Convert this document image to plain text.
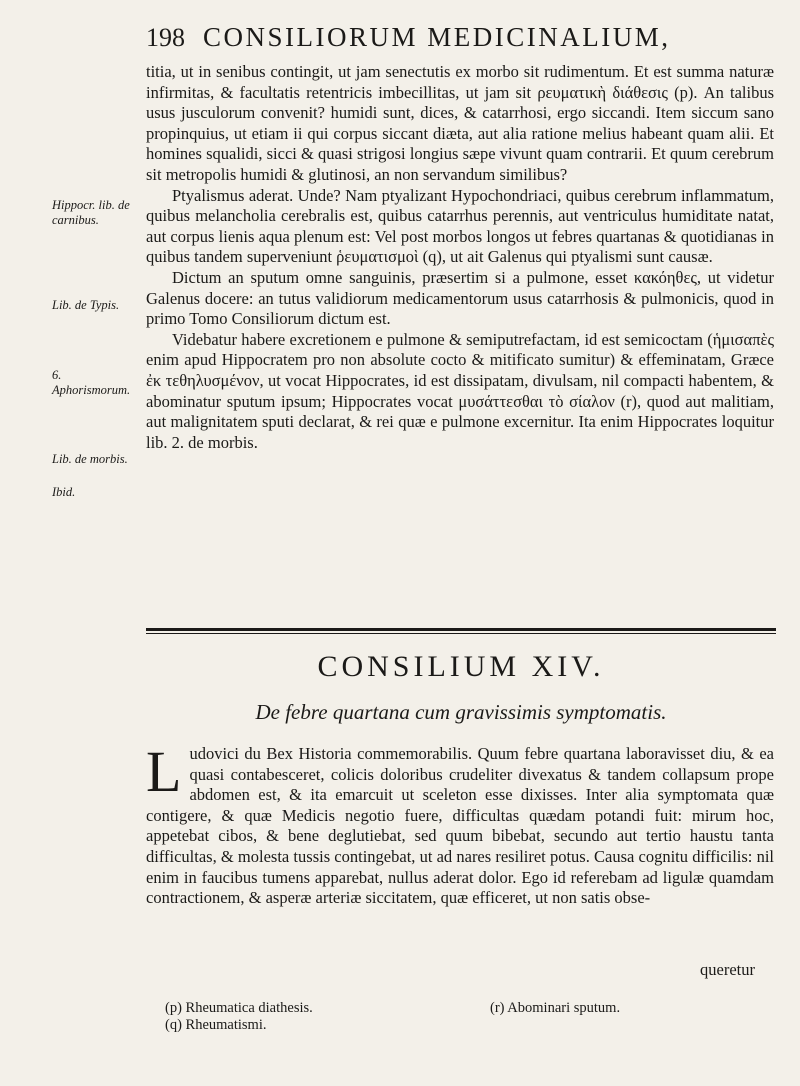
198 CONSILIORUM MEDICINALIUM,
Hippocr. lib. de carnibus.
Lib. de Typis.
6. Aphorismorum.
Lib. de morbis.
Ibid.

titia, ut in senibus contingit, ut jam senectutis ex morbo sit rudimentum. Et est summa naturæ infirmitas, & facultatis retentricis imbecillitas, ut jam sit ρευματικὴ διάθεσις (p). An talibus usus jusculorum convenit? humidi sunt, dices, & catarrhosi, ergo siccandi. Item siccum sano propinquius, ut etiam ii qui corpus siccant diæta, aut alia ratione melius habeant quam alii. Et homines squalidi, sicci & quasi strigosi longius sæpe vivunt quam contrarii. Et quum cerebrum sit metropolis humidi & glutinosi, an non servandum similibus?

Ptyalismus aderat. Unde? Nam ptyalizant Hypochondriaci, quibus cerebrum inflammatum, quibus melancholia cerebralis est, quibus catarrhus perennis, aut ventriculus humiditate natat, aut corpus lienis aqua plenum est: Vel post morbos longos ut febres quartanas & quotidianas in quibus tandem superveniunt ῥευματισμοὶ (q), ut ait Galenus qui ptyalismi sunt causæ.

Dictum an sputum omne sanguinis, præsertim si a pulmone, esset κακόηθες, ut videtur Galenus docere: an tutus validiorum medicamentorum usus catarrhosis & pulmonicis, quod in primo Tomo Consiliorum dictum est.

Videbatur habere excretionem e pulmone & semiputrefactam, id est semicoctam (ἡμισαπὲς enim apud Hippocratem pro non absolute cocto & mitificato sumitur) & effeminatam, Græce ἐκ τεθηλυσμένον, ut vocat Hippocrates, id est dissipatam, divulsam, nil compacti habentem, & abominatur sputum ipsum; Hippocrates vocat μυσάττεσθαι τὸ σίαλον (r), quod aut malitiam, aut malignitatem sputi declarat, & rei quæ e pulmone excernitur. Ita enim Hippocrates loquitur lib. 2. de morbis.

CONSILIUM XIV.
De febre quartana cum gravissimis symptomatis.
Ludovici du Bex Historia commemorabilis. Quum febre quartana laboravisset diu, & ea quasi contabesceret, colicis doloribus crudeliter divexatus & tandem collapsum prope abdomen est, & ita emarcuit ut sceleton esse dixisses. Inter alia symptomata quæ contigere, & quæ Medicis negotio fuere, difficultas quædam potandi fuit: mirum hoc, appetebat cibos, & bene deglutiebat, sed quum bibebat, secundo aut tertio haustu tanta difficultas, & molesta tussis contingebat, ut ad nares resiliret potus. Causa cognitu difficilis: nil enim in faucibus tumens apparebat, nullus aderat dolor. Ego id referebam ad ligulæ quamdam contractionem, & asperæ arteriæ siccitatem, quæ efficeret, ut non satis obse-
queretur
(p) Rheumatica diathesis.
(q) Rheumatismi.
(r) Abominari sputum.
